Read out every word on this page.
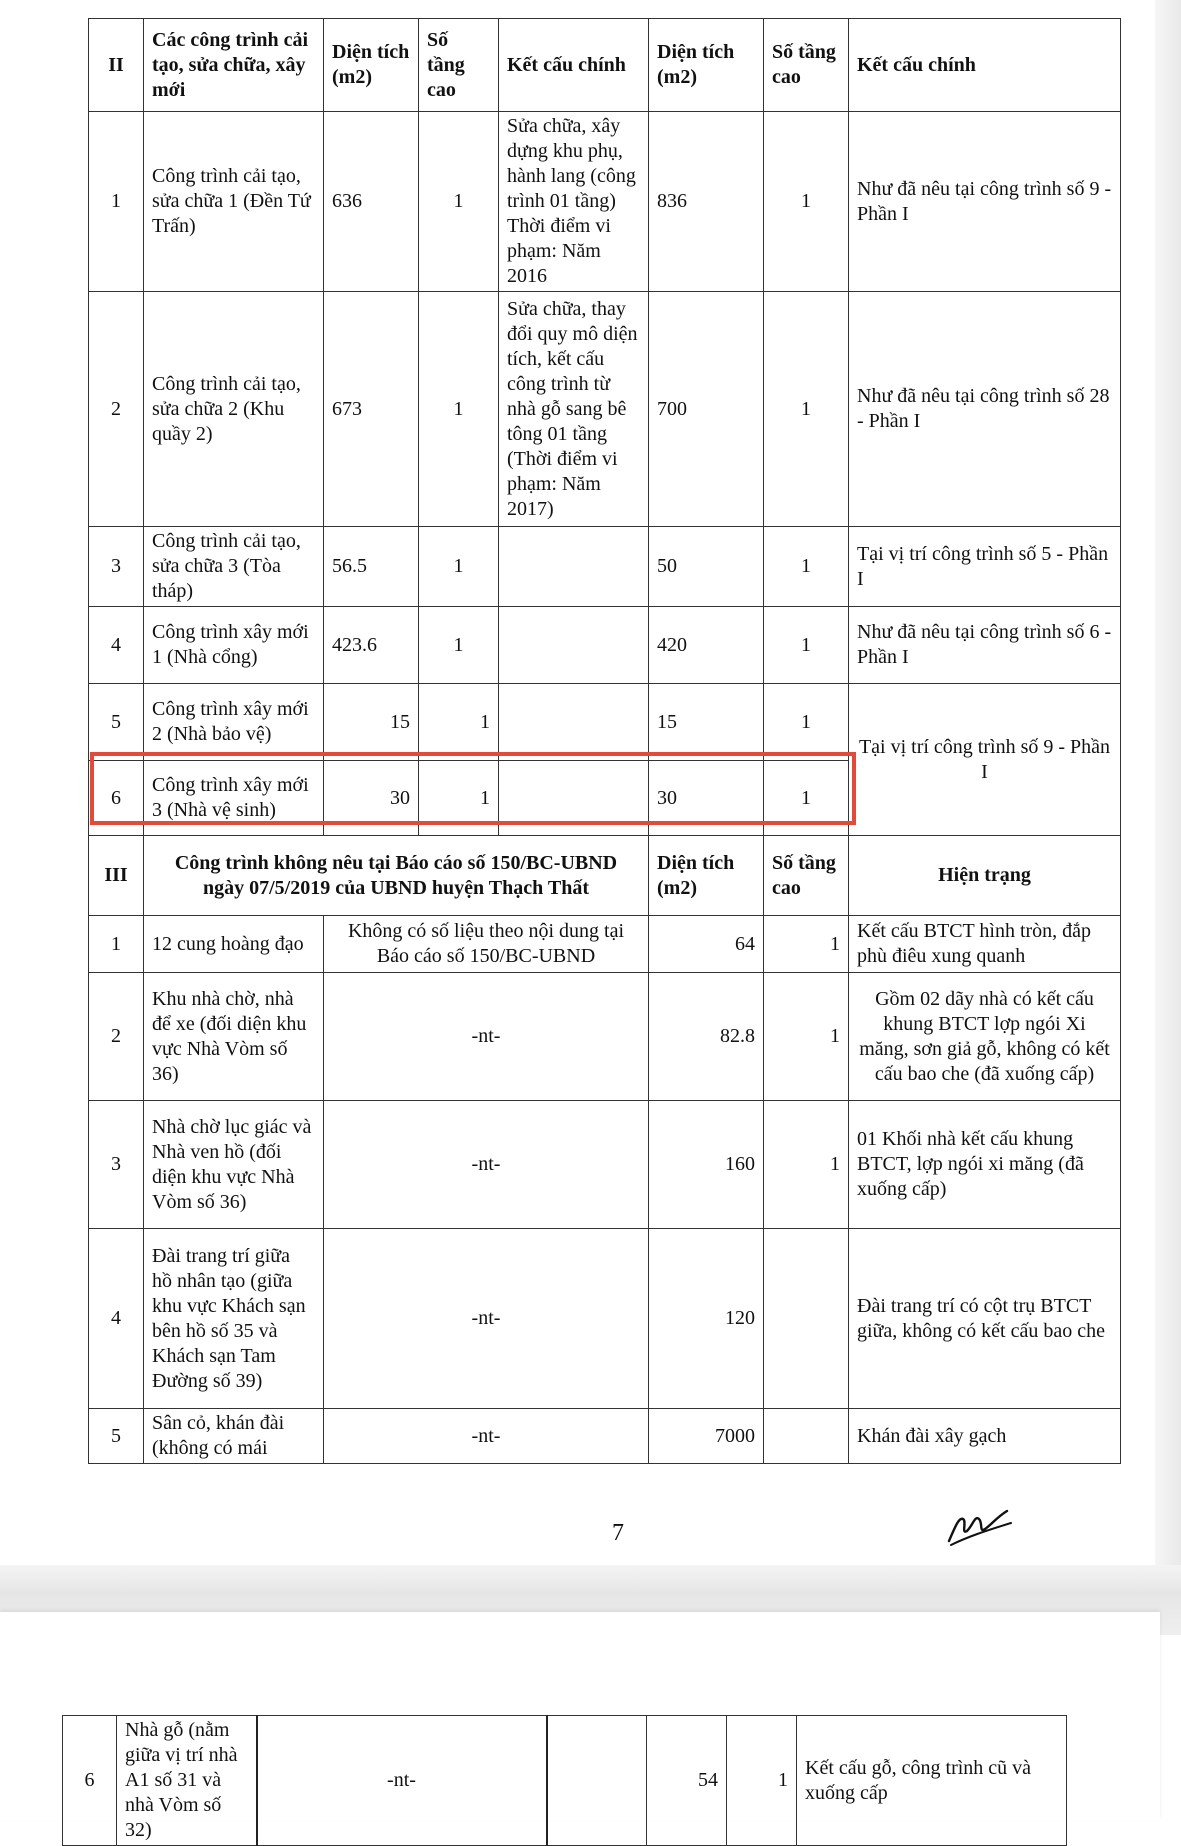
II	Các công trình cải tạo, sửa chữa, xây mới	Diện tích (m2)	Số tầng cao	Kết cấu chính	Diện tích (m2)	Số tầng cao	Kết cấu chính
1	Công trình cải tạo, sửa chữa 1 (Đền Tứ Trấn)	636	1	Sửa chữa, xây dựng khu phụ, hành lang (công trình 01 tầng) Thời điểm vi phạm: Năm 2016	836	1	Như đã nêu tại công trình số 9 - Phần I
2	Công trình cải tạo, sửa chữa 2 (Khu quầy 2)	673	1	Sửa chữa, thay đổi quy mô diện tích, kết cấu công trình từ nhà gỗ sang bê tông 01 tầng (Thời điểm vi phạm: Năm 2017)	700	1	Như đã nêu tại công trình số 28 - Phần I
3	Công trình cải tạo, sửa chữa 3 (Tòa tháp)	56.5	1		50	1	Tại vị trí công trình số 5 - Phần I
4	Công trình xây mới 1 (Nhà cổng)	423.6	1		420	1	Như đã nêu tại công trình số 6 - Phần I
5	Công trình xây mới 2 (Nhà bảo vệ)	15	1		15	1	Tại vị trí công trình số 9 - Phần I
6	Công trình xây mới 3 (Nhà vệ sinh)	30	1		30	1	
III	Công trình không nêu tại Báo cáo số 150/BC-UBND ngày 07/5/2019 của UBND huyện Thạch Thất				Diện tích (m2)	Số tầng cao	Hiện trạng
1	12 cung hoàng đạo	Không có số liệu theo nội dung tại Báo cáo số 150/BC-UBND			64	1	Kết cấu BTCT hình tròn, đắp phù điêu xung quanh
2	Khu nhà chờ, nhà để xe (đối diện khu vực Nhà Vòm số 36)	-nt-			82.8	1	Gồm 02 dãy nhà có kết cấu khung BTCT lợp ngói Xi măng, sơn giả gỗ, không có kết cấu bao che (đã xuống cấp)
3	Nhà chờ lục giác và Nhà ven hồ (đối diện khu vực Nhà Vòm số 36)	-nt-			160	1	01 Khối nhà kết cấu khung BTCT, lợp ngói xi măng (đã xuống cấp)
4	Đài trang trí giữa hồ nhân tạo (giữa khu vực Khách sạn bên hồ số 35 và Khách sạn Tam Đường số 39)	-nt-			120		Đài trang trí có cột trụ BTCT giữa, không có kết cấu bao che
5	Sân cỏ, khán đài (không có mái	-nt-			7000		Khán đài xây gạch
7
6	Nhà gỗ (nằm giữa vị trí nhà A1 số 31 và nhà Vòm số 32)	-nt-		54	1	Kết cấu gỗ, công trình cũ và xuống cấp
